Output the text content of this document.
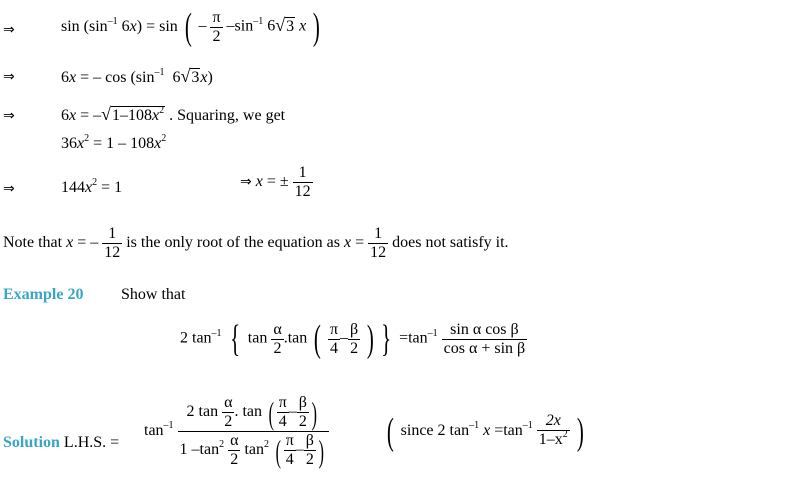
⇒	$\sin (\sin^{-1}$ 6x) = sin ( – $\frac{\pi}{2} -\sin^{-1}$ 6√3 x )
⇒	6x = – $\cos (\sin^{-1}$ 6√3x)
⇒	$6x = -√1-108x^2$ . Squaring, we get
$36x^2 = 1 - 108x^2$
⇒	$144x^2 = 1$	⇒ x = ± $\frac{1}{12}$
Note that x = – $\frac{1}{12}$ is the only root of the equation as $x = \frac{1}{12}$ does not satisfy it.
Example 20 Show that
2 $\tan^{-1}$ { $\tan \frac{\alpha}{2} .\tan$ ( $\frac{\pi}{4} - \frac{\beta}{2}$ ) } $=\tan^{-1} \frac{\text{sin α cos β}}{\text{cos α + sin β}}$
Solution L.H.S. =
$\tan^{-1} \frac{2 \tan \frac{\alpha}{2} . \tan ( \frac{\pi}{4} - \frac{\beta}{2} )}{1 -\tan^2 \frac{\alpha}{2} \tan^2 ( \frac{\pi}{4} - \frac{\beta}{2} )}$ ( since 2 $\tan^{-1} x =\tan^{-1} \frac{2x}{1-x^2}$ )
